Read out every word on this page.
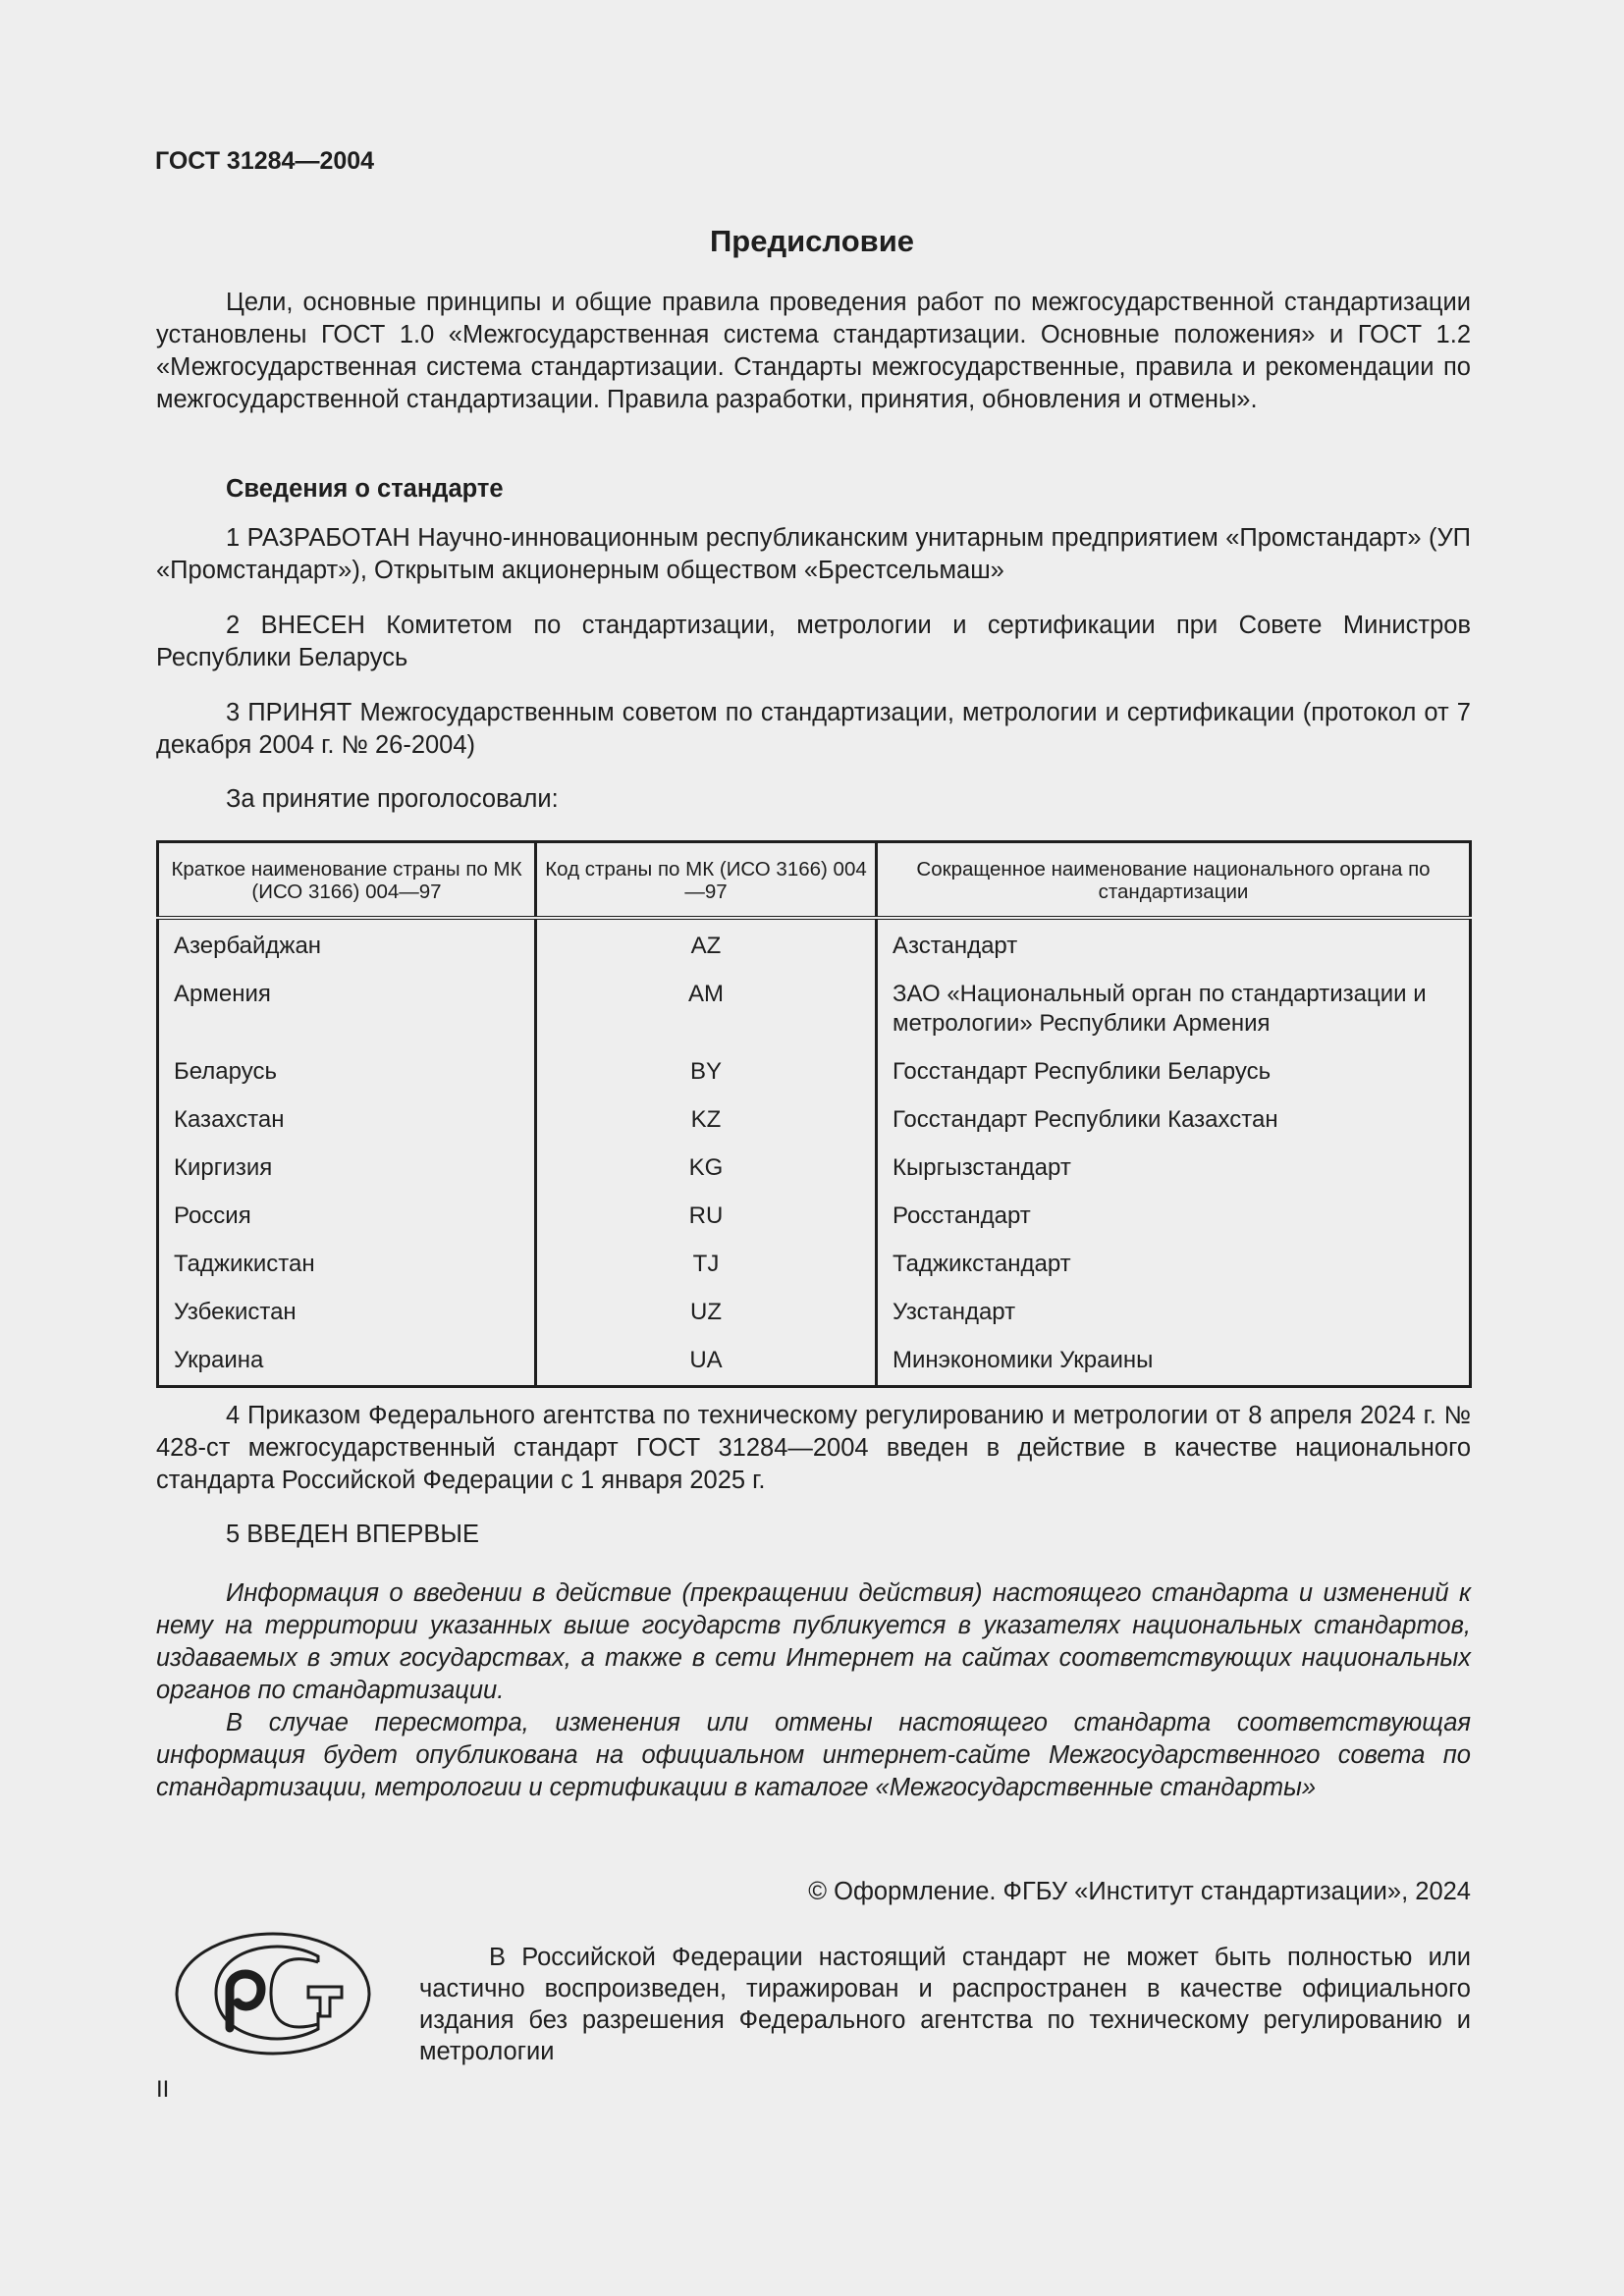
ГОСТ 31284—2004
Предисловие

Цели, основные принципы и общие правила проведения работ по межгосударственной стандартизации установлены ГОСТ 1.0 «Межгосударственная система стандартизации. Основные положения» и ГОСТ 1.2 «Межгосударственная система стандартизации. Стандарты межгосударственные, правила и рекомендации по межгосударственной стандартизации. Правила разработки, принятия, обновления и отмены».

Сведения о стандарте

1 РАЗРАБОТАН Научно-инновационным республиканским унитарным предприятием «Промстандарт» (УП «Промстандарт»), Открытым акционерным обществом «Брестсельмаш»

2 ВНЕСЕН Комитетом по стандартизации, метрологии и сертификации при Совете Министров Республики Беларусь

3 ПРИНЯТ Межгосударственным советом по стандартизации, метрологии и сертификации (протокол от 7 декабря 2004 г. № 26-2004)

За принятие проголосовали:
Краткое наименование страны по МК (ИСО 3166) 004—97	Код страны по МК (ИСО 3166) 004—97	Сокращенное наименование национального органа по стандартизации
Азербайджан	AZ	Азстандарт
Армения	AM	ЗАО «Национальный орган по стандартизации и метрологии» Республики Армения
Беларусь	BY	Госстандарт Республики Беларусь
Казахстан	KZ	Госстандарт Республики Казахстан
Киргизия	KG	Кыргызстандарт
Россия	RU	Росстандарт
Таджикистан	TJ	Таджикстандарт
Узбекистан	UZ	Узстандарт
Украина	UA	Минэкономики Украины

4 Приказом Федерального агентства по техническому регулированию и метрологии от 8 апреля 2024 г. № 428-ст межгосударственный стандарт ГОСТ 31284—2004 введен в действие в качестве национального стандарта Российской Федерации с 1 января 2025 г.

5 ВВЕДЕН ВПЕРВЫЕ

Информация о введении в действие (прекращении действия) настоящего стандарта и изменений к нему на территории указанных выше государств публикуется в указателях национальных стандартов, издаваемых в этих государствах, а также в сети Интернет на сайтах соответствующих национальных органов по стандартизации.

В случае пересмотра, изменения или отмены настоящего стандарта соответствующая информация будет опубликована на официальном интернет-сайте Межгосударственного совета по стандартизации, метрологии и сертификации в каталоге «Межгосударственные стандарты»

© Оформление. ФГБУ «Институт стандартизации», 2024

В Российской Федерации настоящий стандарт не может быть полностью или частично воспроизведен, тиражирован и распространен в качестве официального издания без разрешения Федерального агентства по техническому регулированию и метрологии

II
